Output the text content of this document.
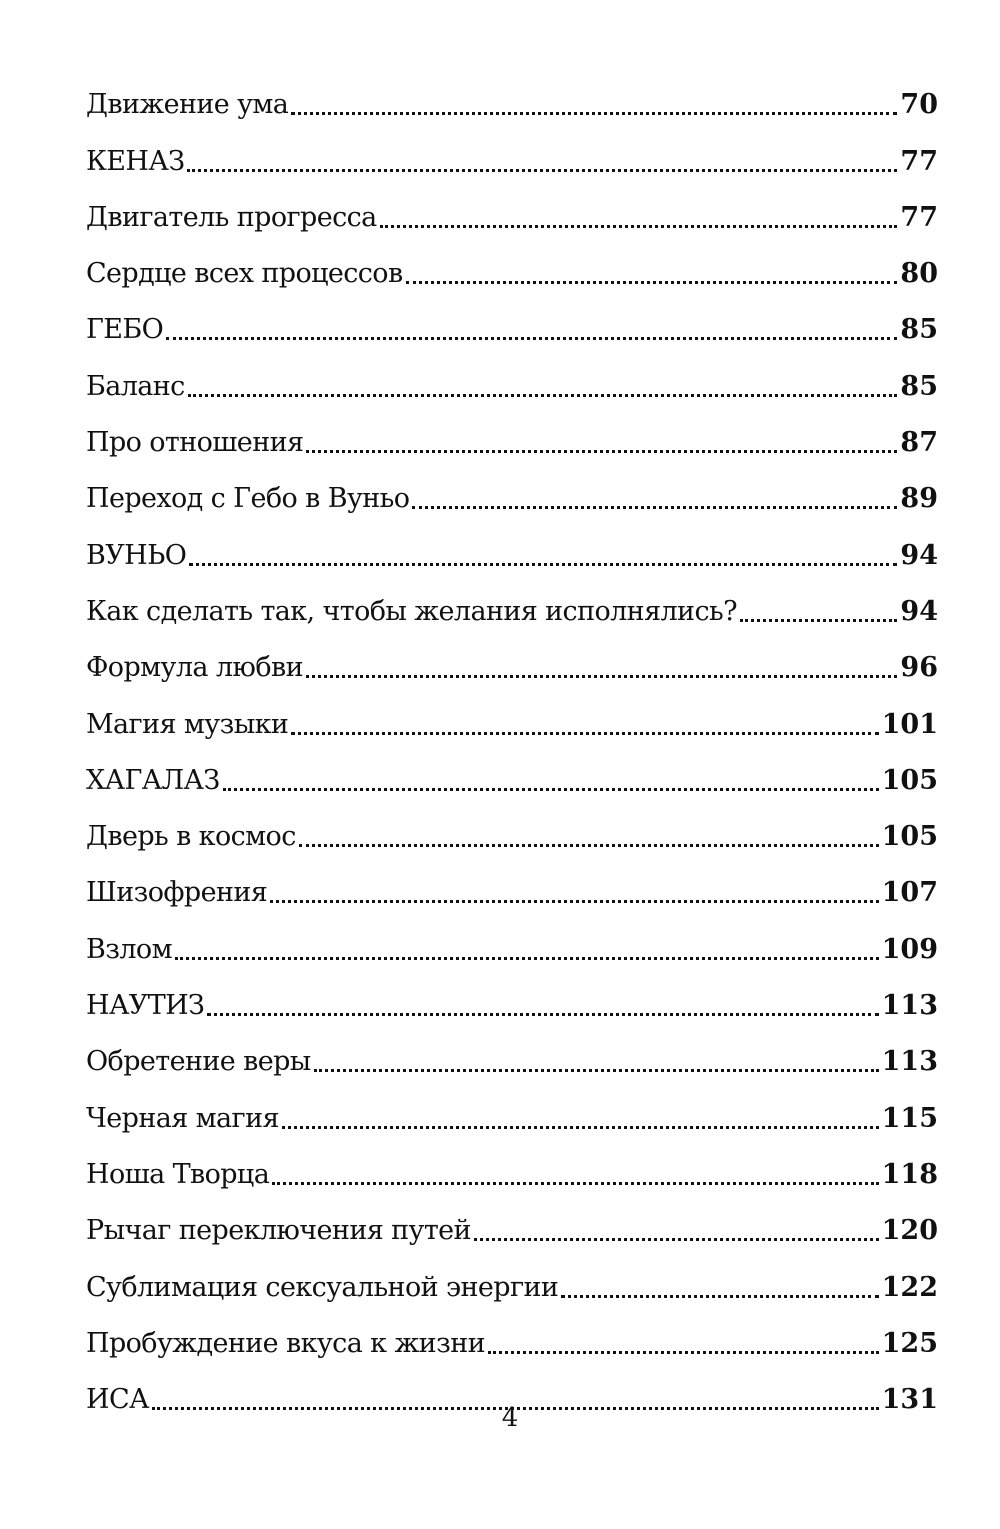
Движение ума	70
КЕНАЗ	77
Двигатель прогресса	77
Сердце всех процессов	80
ГЕБО	85
Баланс	85
Про отношения	87
Переход с Гебо в Вуньо	89
ВУНЬО	94
Как сделать так, чтобы желания исполнялись?	94
Формула любви	96
Магия музыки	101
ХАГАЛАЗ	105
Дверь в космос	105
Шизофрения	107
Взлом	109
НАУТИЗ	113
Обретение веры	113
Черная магия	115
Ноша Творца	118
Рычаг переключения путей	120
Сублимация сексуальной энергии	122
Пробуждение вкуса к жизни	125
ИСА	131
4
